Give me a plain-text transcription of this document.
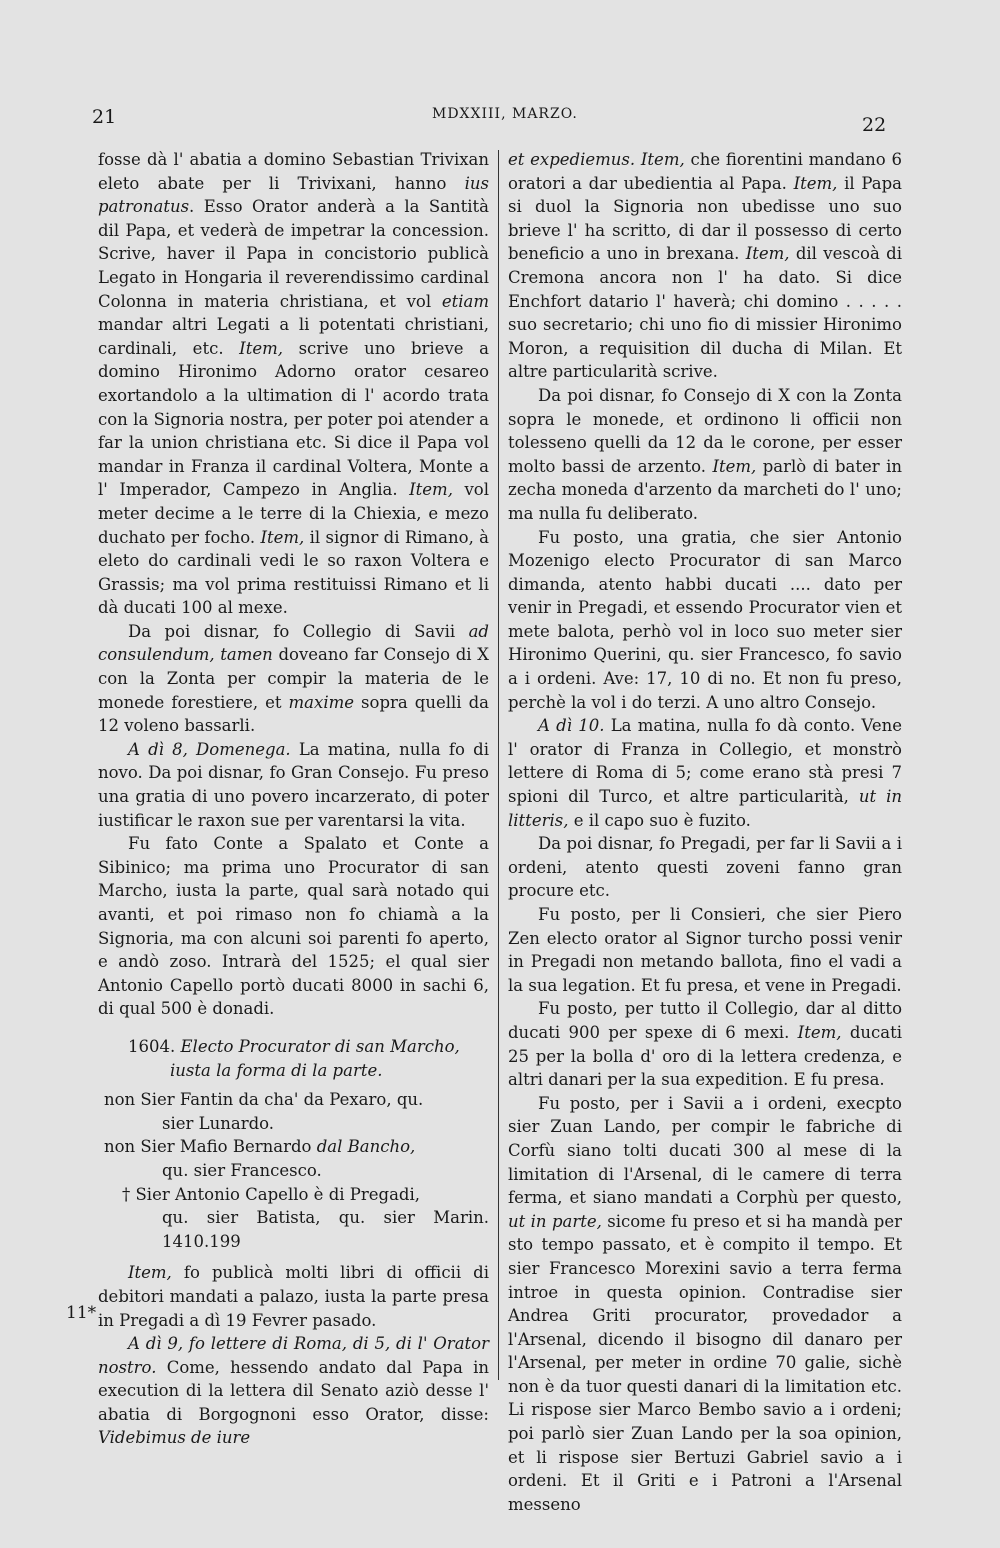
21	MDXXIII, MARZO.	22
11*

fosse dà l' abatia a domino Sebastian Trivixan eleto abate per li Trivixani, hanno ius patronatus. Esso Orator anderà a la Santità dil Papa, et vederà de impetrar la concession. Scrive, haver il Papa in concistorio publicà Legato in Hongaria il reverendissimo cardinal Colonna in materia christiana, et vol etiam mandar altri Legati a li potentati christiani, cardinali, etc. Item, scrive uno brieve a domino Hironimo Adorno orator cesareo exortandolo a la ultimation di l' acordo trata con la Signoria nostra, per poter poi atender a far la union christiana etc. Si dice il Papa vol mandar in Franza il cardinal Voltera, Monte a l' Imperador, Campezo in Anglia. Item, vol meter decime a le terre di la Chiexia, e mezo duchato per focho. Item, il signor di Rimano, à eleto do cardinali vedi le so raxon Voltera e Grassis; ma vol prima restituissi Rimano et li dà ducati 100 al mexe.

Da poi disnar, fo Collegio di Savii ad consulendum, tamen doveano far Consejo di X con la Zonta per compir la materia de le monede forestiere, et maxime sopra quelli da 12 voleno bassarli.

A dì 8, Domenega. La matina, nulla fo di novo. Da poi disnar, fo Gran Consejo. Fu preso una gratia di uno povero incarzerato, di poter iustificar le raxon sue per varentarsi la vita.

Fu fato Conte a Spalato et Conte a Sibinico; ma prima uno Procurator di san Marcho, iusta la parte, qual sarà notado qui avanti, et poi rimaso non fo chiamà a la Signoria, ma con alcuni soi parenti fo aperto, e andò zoso. Intrarà del 1525; el qual sier Antonio Capello portò ducati 8000 in sachi 6, di qual 500 è donadi.

1604. Electo Procurator di san Marcho,

iusta la forma di la parte.

non Sier Fantin da cha' da Pexaro, qu.

sier Lunardo.

non Sier Mafio Bernardo dal Bancho,

qu. sier Francesco.

† Sier Antonio Capello è di Pregadi,

qu. sier Batista, qu. sier Marin. 1410.199

Item, fo publicà molti libri di officii di debitori mandati a palazo, iusta la parte presa in Pregadi a dì 19 Fevrer pasado.

A dì 9, fo lettere di Roma, di 5, di l' Orator nostro. Come, hessendo andato dal Papa in execution di la lettera dil Senato aziò desse l' abatia di Borgognoni esso Orator, disse: Videbimus de iure

et expediemus. Item, che fiorentini mandano 6 oratori a dar ubedientia al Papa. Item, il Papa si duol la Signoria non ubedisse uno suo brieve l' ha scritto, di dar il possesso di certo beneficio a uno in brexana. Item, dil vescoà di Cremona ancora non l' ha dato. Si dice Enchfort datario l' haverà; chi domino . . . . . suo secretario; chi uno fio di missier Hironimo Moron, a requisition dil ducha di Milan. Et altre particularità scrive.

Da poi disnar, fo Consejo di X con la Zonta sopra le monede, et ordinono li officii non tolesseno quelli da 12 da le corone, per esser molto bassi de arzento. Item, parlò di bater in zecha moneda d'arzento da marcheti do l' uno; ma nulla fu deliberato.

Fu posto, una gratia, che sier Antonio Mozenigo electo Procurator di san Marco dimanda, atento habbi ducati .... dato per venir in Pregadi, et essendo Procurator vien et mete balota, perhò vol in loco suo meter sier Hironimo Querini, qu. sier Francesco, fo savio a i ordeni. Ave: 17, 10 di no. Et non fu preso, perchè la vol i do terzi. A uno altro Consejo.

A dì 10. La matina, nulla fo dà conto. Vene l' orator di Franza in Collegio, et monstrò lettere di Roma di 5; come erano stà presi 7 spioni dil Turco, et altre particularità, ut in litteris, e il capo suo è fuzito.

Da poi disnar, fo Pregadi, per far li Savii a i ordeni, atento questi zoveni fanno gran procure etc.

Fu posto, per li Consieri, che sier Piero Zen electo orator al Signor turcho possi venir in Pregadi non metando ballota, fino el vadi a la sua legation. Et fu presa, et vene in Pregadi.

Fu posto, per tutto il Collegio, dar al ditto ducati 900 per spexe di 6 mexi. Item, ducati 25 per la bolla d' oro di la lettera credenza, e altri danari per la sua expedition. E fu presa.

Fu posto, per i Savii a i ordeni, execpto sier Zuan Lando, per compir le fabriche di Corfù siano tolti ducati 300 al mese di la limitation di l'Arsenal, di le camere di terra ferma, et siano mandati a Corphù per questo, ut in parte, sicome fu preso et si ha mandà per sto tempo passato, et è compito il tempo. Et sier Francesco Morexini savio a terra ferma introe in questa opinion. Contradise sier Andrea Griti procurator, provedador a l'Arsenal, dicendo il bisogno dil danaro per l'Arsenal, per meter in ordine 70 galie, sichè non è da tuor questi danari di la limitation etc. Li rispose sier Marco Bembo savio a i ordeni; poi parlò sier Zuan Lando per la soa opinion, et li rispose sier Bertuzi Gabriel savio a i ordeni. Et il Griti e i Patroni a l'Arsenal messeno
